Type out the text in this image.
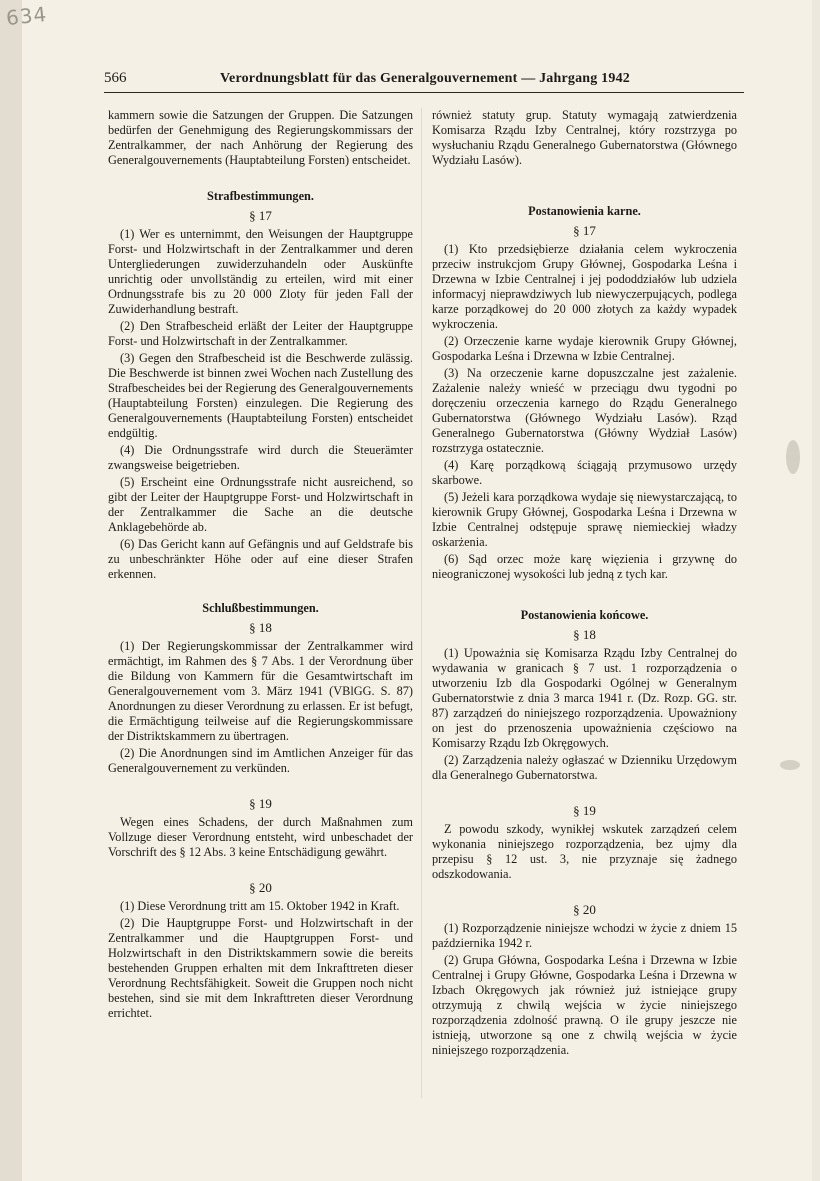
634
566	Verordnungsblatt für das Generalgouvernement — Jahrgang 1942

kammern sowie die Satzungen der Gruppen. Die Satzungen bedürfen der Genehmigung des Regierungskommissars der Zentralkammer, der nach Anhörung der Regierung des Generalgouvernements (Hauptabteilung Forsten) entscheidet.

Strafbestimmungen.
§ 17

(1) Wer es unternimmt, den Weisungen der Hauptgruppe Forst- und Holzwirtschaft in der Zentralkammer und deren Untergliederungen zuwiderzuhandeln oder Auskünfte unrichtig oder unvollständig zu erteilen, wird mit einer Ordnungsstrafe bis zu 20 000 Zloty für jeden Fall der Zuwiderhandlung bestraft.

(2) Den Strafbescheid erläßt der Leiter der Hauptgruppe Forst- und Holzwirtschaft in der Zentralkammer.

(3) Gegen den Strafbescheid ist die Beschwerde zulässig. Die Beschwerde ist binnen zwei Wochen nach Zustellung des Strafbescheides bei der Regierung des Generalgouvernements (Hauptabteilung Forsten) einzulegen. Die Regierung des Generalgouvernements (Hauptabteilung Forsten) entscheidet endgültig.

(4) Die Ordnungsstrafe wird durch die Steuerämter zwangsweise beigetrieben.

(5) Erscheint eine Ordnungsstrafe nicht ausreichend, so gibt der Leiter der Hauptgruppe Forst- und Holzwirtschaft in der Zentralkammer die Sache an die deutsche Anklagebehörde ab.

(6) Das Gericht kann auf Gefängnis und auf Geldstrafe bis zu unbeschränkter Höhe oder auf eine dieser Strafen erkennen.

Schlußbestimmungen.
§ 18

(1) Der Regierungskommissar der Zentralkammer wird ermächtigt, im Rahmen des § 7 Abs. 1 der Verordnung über die Bildung von Kammern für die Gesamtwirtschaft im Generalgouvernement vom 3. März 1941 (VBlGG. S. 87) Anordnungen zu dieser Verordnung zu erlassen. Er ist befugt, die Ermächtigung teilweise auf die Regierungskommissare der Distriktskammern zu übertragen.

(2) Die Anordnungen sind im Amtlichen Anzeiger für das Generalgouvernement zu verkünden.

§ 19

Wegen eines Schadens, der durch Maßnahmen zum Vollzuge dieser Verordnung entsteht, wird unbeschadet der Vorschrift des § 12 Abs. 3 keine Entschädigung gewährt.

§ 20

(1) Diese Verordnung tritt am 15. Oktober 1942 in Kraft.

(2) Die Hauptgruppe Forst- und Holzwirtschaft in der Zentralkammer und die Hauptgruppen Forst- und Holzwirtschaft in den Distriktskammern sowie die bereits bestehenden Gruppen erhalten mit dem Inkrafttreten dieser Verordnung Rechtsfähigkeit. Soweit die Gruppen noch nicht bestehen, sind sie mit dem Inkrafttreten dieser Verordnung errichtet.

również statuty grup. Statuty wymagają zatwierdzenia Komisarza Rządu Izby Centralnej, który rozstrzyga po wysłuchaniu Rządu Generalnego Gubernatorstwa (Głównego Wydziału Lasów).

Postanowienia karne.
§ 17

(1) Kto przedsiębierze działania celem wykroczenia przeciw instrukcjom Grupy Głównej, Gospodarka Leśna i Drzewna w Izbie Centralnej i jej pododdziałów lub udziela informacyj nieprawdziwych lub niewyczerpujących, podlega karze porządkowej do 20 000 złotych za każdy wypadek wykroczenia.

(2) Orzeczenie karne wydaje kierownik Grupy Głównej, Gospodarka Leśna i Drzewna w Izbie Centralnej.

(3) Na orzeczenie karne dopuszczalne jest zażalenie. Zażalenie należy wnieść w przeciągu dwu tygodni po doręczeniu orzeczenia karnego do Rządu Generalnego Gubernatorstwa (Głównego Wydziału Lasów). Rząd Generalnego Gubernatorstwa (Główny Wydział Lasów) rozstrzyga ostatecznie.

(4) Karę porządkową ściągają przymusowo urzędy skarbowe.

(5) Jeżeli kara porządkowa wydaje się niewystarczającą, to kierownik Grupy Głównej, Gospodarka Leśna i Drzewna w Izbie Centralnej odstępuje sprawę niemieckiej władzy oskarżenia.

(6) Sąd orzec może karę więzienia i grzywnę do nieograniczonej wysokości lub jedną z tych kar.

Postanowienia końcowe.
§ 18

(1) Upoważnia się Komisarza Rządu Izby Centralnej do wydawania w granicach § 7 ust. 1 rozporządzenia o utworzeniu Izb dla Gospodarki Ogólnej w Generalnym Gubernatorstwie z dnia 3 marca 1941 r. (Dz. Rozp. GG. str. 87) zarządzeń do niniejszego rozporządzenia. Upoważniony on jest do przenoszenia upoważnienia częściowo na Komisarzy Rządu Izb Okręgowych.

(2) Zarządzenia należy ogłaszać w Dzienniku Urzędowym dla Generalnego Gubernatorstwa.

§ 19

Z powodu szkody, wynikłej wskutek zarządzeń celem wykonania niniejszego rozporządzenia, bez ujmy dla przepisu § 12 ust. 3, nie przyznaje się żadnego odszkodowania.

§ 20

(1) Rozporządzenie niniejsze wchodzi w życie z dniem 15 października 1942 r.

(2) Grupa Główna, Gospodarka Leśna i Drzewna w Izbie Centralnej i Grupy Główne, Gospodarka Leśna i Drzewna w Izbach Okręgowych jak również już istniejące grupy otrzymują z chwilą wejścia w życie niniejszego rozporządzenia zdolność prawną. O ile grupy jeszcze nie istnieją, utworzone są one z chwilą wejścia w życie niniejszego rozporządzenia.
